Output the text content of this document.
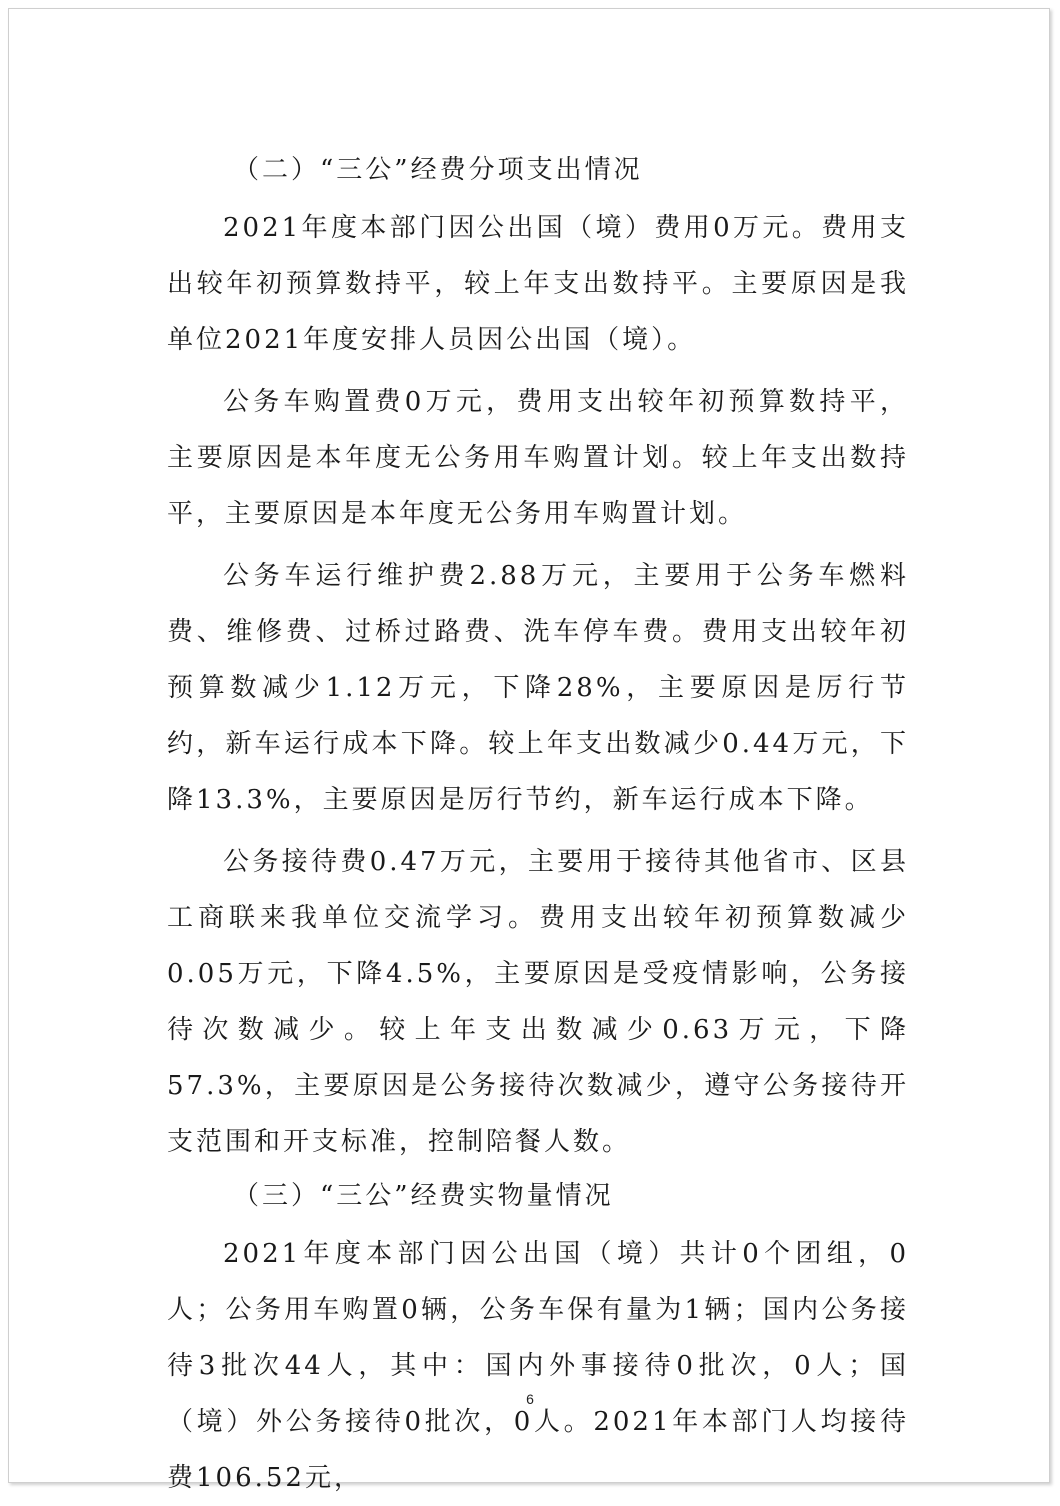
（二）“三公”经费分项支出情况

2021年度本部门因公出国（境）费用0万元。费用支出较年初预算数持平，较上年支出数持平。主要原因是我单位2021年度安排人员因公出国（境）。

公务车购置费0万元，费用支出较年初预算数持平，主要原因是本年度无公务用车购置计划。较上年支出数持平，主要原因是本年度无公务用车购置计划。

公务车运行维护费2.88万元，主要用于公务车燃料费、维修费、过桥过路费、洗车停车费。费用支出较年初预算数减少1.12万元，下降28%，主要原因是厉行节约，新车运行成本下降。较上年支出数减少0.44万元，下降13.3%，主要原因是厉行节约，新车运行成本下降。

公务接待费0.47万元，主要用于接待其他省市、区县工商联来我单位交流学习。费用支出较年初预算数减少0.05万元，下降4.5%，主要原因是受疫情影响，公务接待次数减少。较上年支出数减少0.63万元，下降57.3%，主要原因是公务接待次数减少，遵守公务接待开支范围和开支标准，控制陪餐人数。

（三）“三公”经费实物量情况

2021年度本部门因公出国（境）共计0个团组，0人；公务用车购置0辆，公务车保有量为1辆；国内公务接待3批次44人，其中：国内外事接待0批次，0人；国（境）外公务接待0批次，0人。2021年本部门人均接待费106.52元，

6
